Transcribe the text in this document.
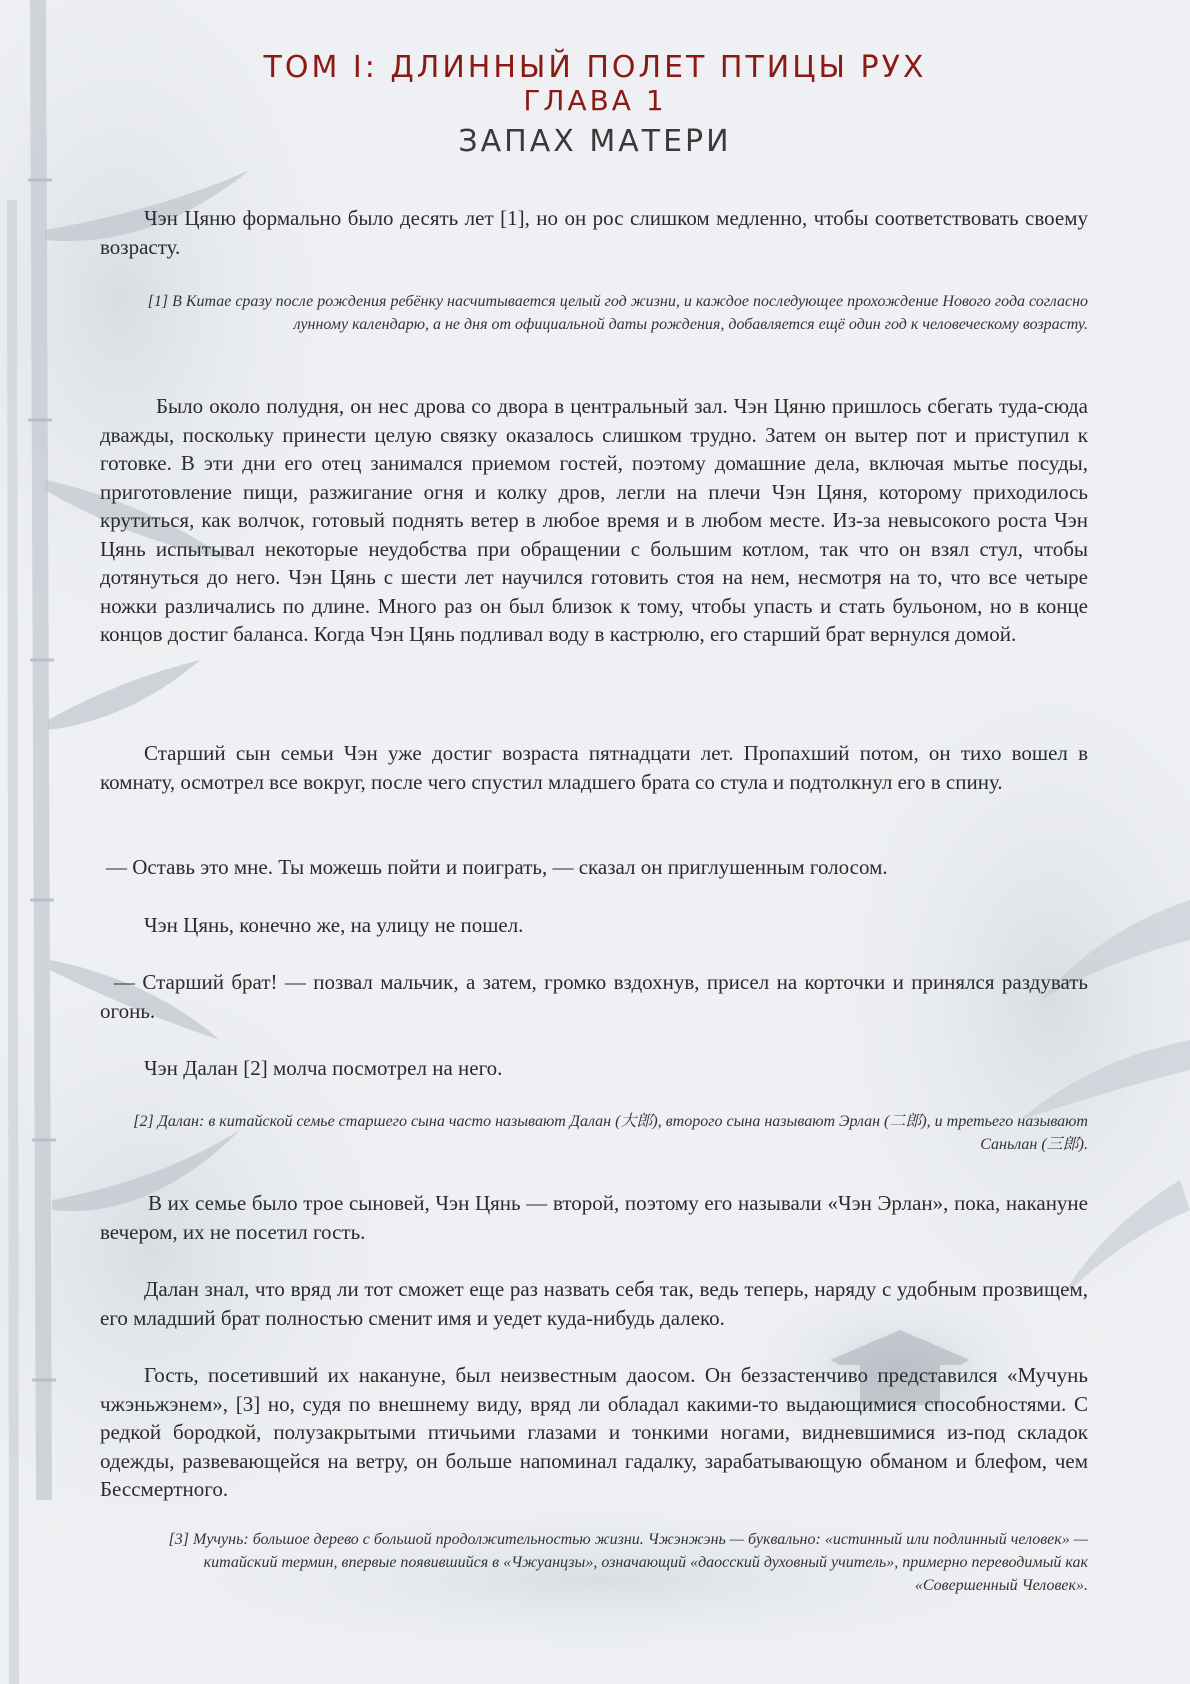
ТОМ I: ДЛИННЫЙ ПОЛЕТ ПТИЦЫ РУХ
ГЛАВА 1
ЗАПАХ МАТЕРИ

Чэн Цяню формально было десять лет [1], но он рос слишком медленно, чтобы соответствовать своему возрасту.

[1] В Китае сразу после рождения ребёнку насчитывается целый год жизни, и каждое последующее прохождение Нового года согласно лунному календарю, а не дня от официальной даты рождения, добавляется ещё один год к человеческому возрасту.

Было около полудня, он нес дрова со двора в центральный зал. Чэн Цяню пришлось сбегать туда-сюда дважды, поскольку принести целую связку оказалось слишком трудно. Затем он вытер пот и приступил к готовке. В эти дни его отец занимался приемом гостей, поэтому домашние дела, включая мытье посуды, приготовление пищи, разжигание огня и колку дров, легли на плечи Чэн Цяня, которому приходилось крутиться, как волчок, готовый поднять ветер в любое время и в любом месте. Из-за невысокого роста Чэн Цянь испытывал некоторые неудобства при обращении с большим котлом, так что он взял стул, чтобы дотянуться до него. Чэн Цянь с шести лет научился готовить стоя на нем, несмотря на то, что все четыре ножки различались по длине. Много раз он был близок к тому, чтобы упасть и стать бульоном, но в конце концов достиг баланса. Когда Чэн Цянь подливал воду в кастрюлю, его старший брат вернулся домой.

Старший сын семьи Чэн уже достиг возраста пятнадцати лет. Пропахший потом, он тихо вошел в комнату, осмотрел все вокруг, после чего спустил младшего брата со стула и подтолкнул его в спину.

— Оставь это мне. Ты можешь пойти и поиграть, — сказал он приглушенным голосом.

Чэн Цянь, конечно же, на улицу не пошел.

— Старший брат! — позвал мальчик, а затем, громко вздохнув, присел на корточки и принялся раздувать огонь.

Чэн Далан [2] молча посмотрел на него.

[2] Далан: в китайской семье старшего сына часто называют Далан (大郎), второго сына называют Эрлан (二郎), и третьего называют Саньлан (三郎).

В их семье было трое сыновей, Чэн Цянь — второй, поэтому его называли «Чэн Эрлан», пока, накануне вечером, их не посетил гость.

Далан знал, что вряд ли тот сможет еще раз назвать себя так, ведь теперь, наряду с удобным прозвищем, его младший брат полностью сменит имя и уедет куда-нибудь далеко.

Гость, посетивший их накануне, был неизвестным даосом. Он беззастенчиво представился «Мучунь чжэньжэнем», [3] но, судя по внешнему виду, вряд ли обладал какими-то выдающимися способностями. С редкой бородкой, полузакрытыми птичьими глазами и тонкими ногами, видневшимися из-под складок одежды, развевающейся на ветру, он больше напоминал гадалку, зарабатывающую обманом и блефом, чем Бессмертного.

[3] Мучунь: большое дерево с большой продолжительностью жизни. Чжэнжэнь — буквально: «истинный или подлинный человек» — китайский термин, впервые появившийся в «Чжуанцзы», означающий «даосский духовный учитель», примерно переводимый как «Совершенный Человек».
